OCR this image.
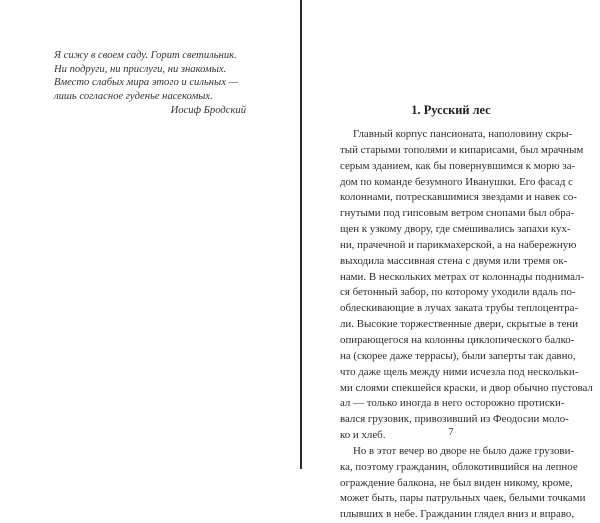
Я сижу в своем саду. Горит светильник.
Ни подруги, ни прислуги, ни знакомых.
Вместо слабых мира этого и сильных —
лишь согласное гуденье насекомых.
Иосиф Бродский	1. Русский лес
Главный корпус пансионата, наполовину скры-
тый старыми тополями и кипарисами, был мрачным
серым зданием, как бы повернувшимся к морю за-
дом по команде безумного Иванушки. Его фасад с
колоннами, потрескавшимися звездами и навек со-
гнутыми под гипсовым ветром снопами был обра-
щен к узкому двору, где смешивались запахи кух-
ни, прачечной и парикмахерской, а на набережную
выходила массивная стена с двумя или тремя ок-
нами. В нескольких метрах от колоннады поднимал-
ся бетонный забор, по которому уходили вдаль по-
облескивающие в лучах заката трубы теплоцентра-
ли. Высокие торжественные двери, скрытые в тени
опирающегося на колонны циклопического балко-
на (скорее даже террасы), были заперты так давно,
что даже щель между ними исчезла под нескольки-
ми слоями спекшейся краски, и двор обычно пустовал
ал — только иногда в него осторожно протиски-
вался грузовик, привозивший из Феодосии моло-
ко и хлеб.
Но в этот вечер во дворе не было даже грузови-
ка, поэтому гражданин, облокотившийся на лепное
ограждение балкона, не был виден никому, кроме,
может быть, пары патрульных чаек, белыми точками
плывших в небе. Гражданин глядел вниз и вправо,
7
